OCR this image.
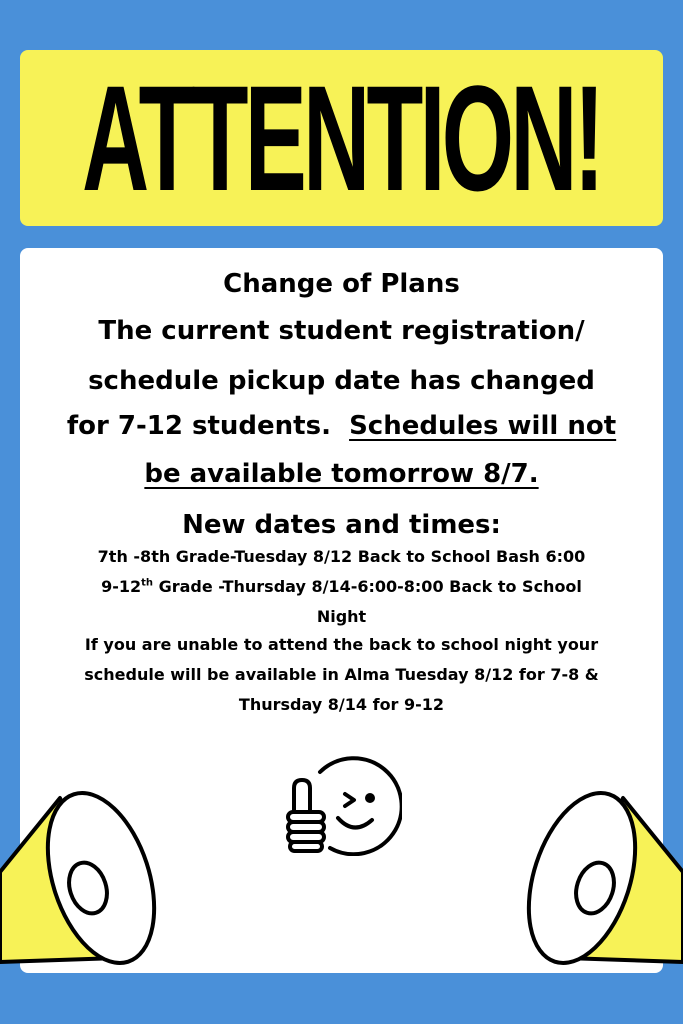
ATTENTION!
Change of Plans
The current student registration/
schedule pickup date has changed
for 7-12 students.  Schedules will not
be available tomorrow 8/7.
New dates and times:
7th -8th Grade-Tuesday 8/12 Back to School Bash 6:00
9-12th Grade -Thursday 8/14-6:00-8:00 Back to School
Night
If you are unable to attend the back to school night your
schedule will be available in Alma Tuesday 8/12 for 7-8 &
Thursday 8/14 for 9-12
